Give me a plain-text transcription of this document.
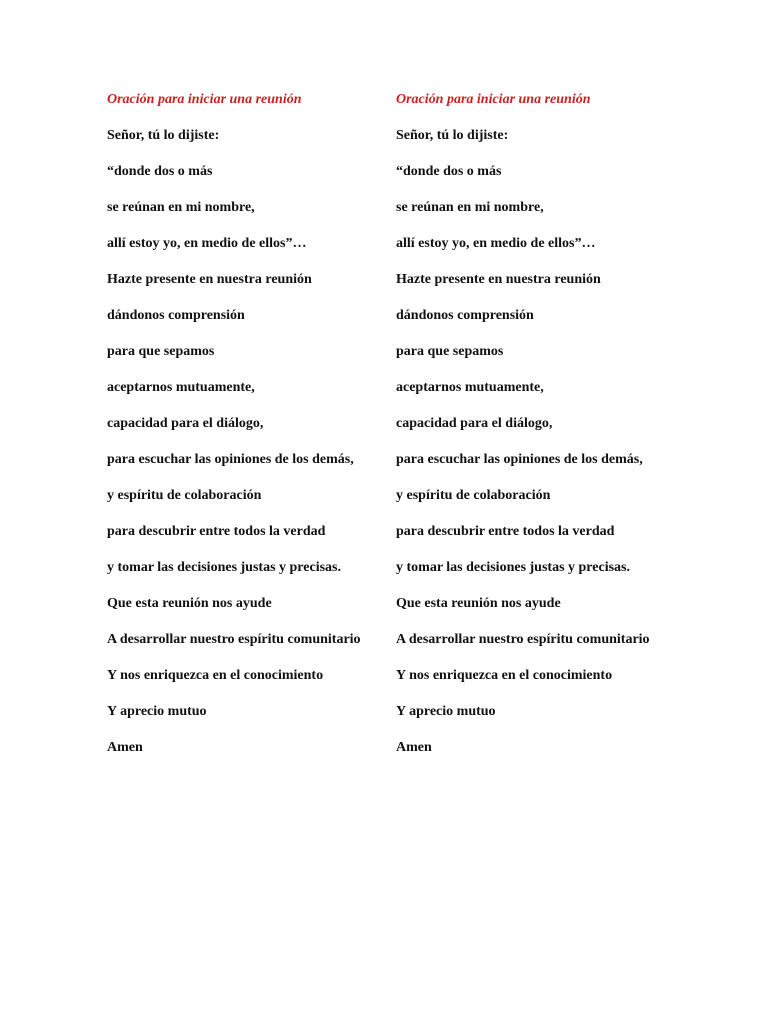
Oración para iniciar una reunión

Señor, tú lo dijiste:

“donde dos o más

se reúnan en mi nombre,

allí estoy yo, en medio de ellos”…

Hazte presente en nuestra reunión

dándonos comprensión

para que sepamos

aceptarnos mutuamente,

capacidad para el diálogo,

para escuchar las opiniones de los demás,

y espíritu de colaboración

para descubrir entre todos la verdad

y tomar las decisiones justas y precisas.

Que esta reunión nos ayude

A desarrollar nuestro espíritu comunitario

Y nos enriquezca en el conocimiento

Y aprecio mutuo

Amen

Oración para iniciar una reunión

Señor, tú lo dijiste:

“donde dos o más

se reúnan en mi nombre,

allí estoy yo, en medio de ellos”…

Hazte presente en nuestra reunión

dándonos comprensión

para que sepamos

aceptarnos mutuamente,

capacidad para el diálogo,

para escuchar las opiniones de los demás,

y espíritu de colaboración

para descubrir entre todos la verdad

y tomar las decisiones justas y precisas.

Que esta reunión nos ayude

A desarrollar nuestro espíritu comunitario

Y nos enriquezca en el conocimiento

Y aprecio mutuo

Amen
